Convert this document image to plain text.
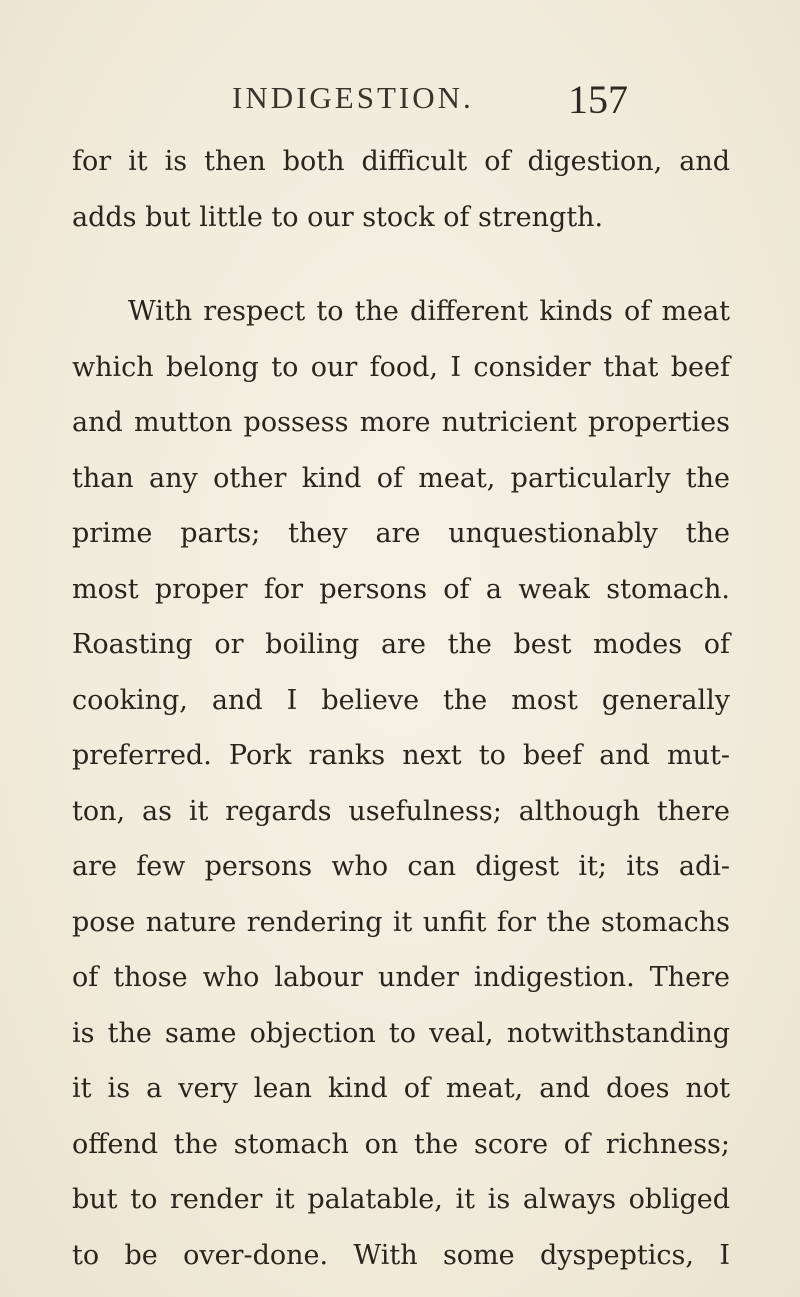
INDIGESTION. 157
for it is then both difficult of digestion, and
adds but little to our stock of strength.
With respect to the different kinds of meat
which belong to our food, I consider that beef
and mutton possess more nutricient properties
than any other kind of meat, particularly the
prime parts; they are unquestionably the
most proper for persons of a weak stomach.
Roasting or boiling are the best modes of
cooking, and I believe the most generally
preferred. Pork ranks next to beef and mut-
ton, as it regards usefulness; although there
are few persons who can digest it; its adi-
pose nature rendering it unfit for the stomachs
of those who labour under indigestion. There
is the same objection to veal, notwithstanding
it is a very lean kind of meat, and does not
offend the stomach on the score of richness;
but to render it palatable, it is always obliged
to be over-done. With some dyspeptics, I
